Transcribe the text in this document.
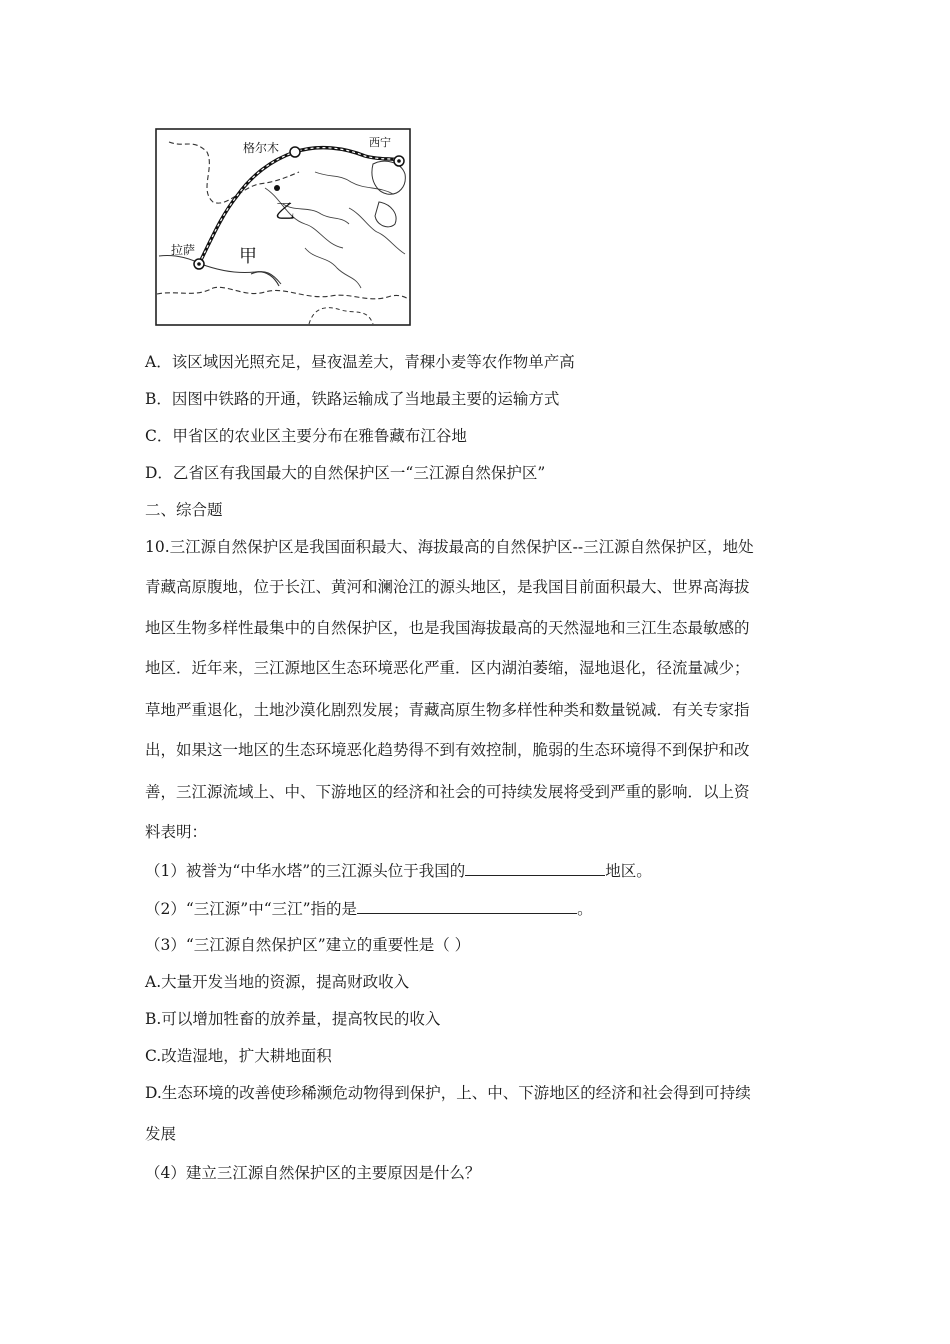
格尔木	西宁
拉萨
乙
甲
A．该区域因光照充足，昼夜温差大，青稞小麦等农作物单产高
B．因图中铁路的开通，铁路运输成了当地最主要的运输方式
C．甲省区的农业区主要分布在雅鲁藏布江谷地
D．乙省区有我国最大的自然保护区一“三江源自然保护区”
二、综合题
10.三江源自然保护区是我国面积最大、海拔最高的自然保护区--三江源自然保护区，地处
青藏高原腹地，位于长江、黄河和澜沧江的源头地区，是我国目前面积最大、世界高海拔
地区生物多样性最集中的自然保护区，也是我国海拔最高的天然湿地和三江生态最敏感的
地区．近年来，三江源地区生态环境恶化严重．区内湖泊萎缩，湿地退化，径流量减少；
草地严重退化，土地沙漠化剧烈发展；青藏高原生物多样性种类和数量锐减．有关专家指
出，如果这一地区的生态环境恶化趋势得不到有效控制，脆弱的生态环境得不到保护和改
善，三江源流域上、中、下游地区的经济和社会的可持续发展将受到严重的影响．以上资
料表明：
（1）被誉为“中华水塔”的三江源头位于我国的	地区。
（2）“三江源”中“三江”指的是	。
（3）“三江源自然保护区”建立的重要性是（ ）
A.大量开发当地的资源，提高财政收入
B.可以增加牲畜的放养量，提高牧民的收入
C.改造湿地，扩大耕地面积
D.生态环境的改善使珍稀濒危动物得到保护，上、中、下游地区的经济和社会得到可持续
发展
（4）建立三江源自然保护区的主要原因是什么？
